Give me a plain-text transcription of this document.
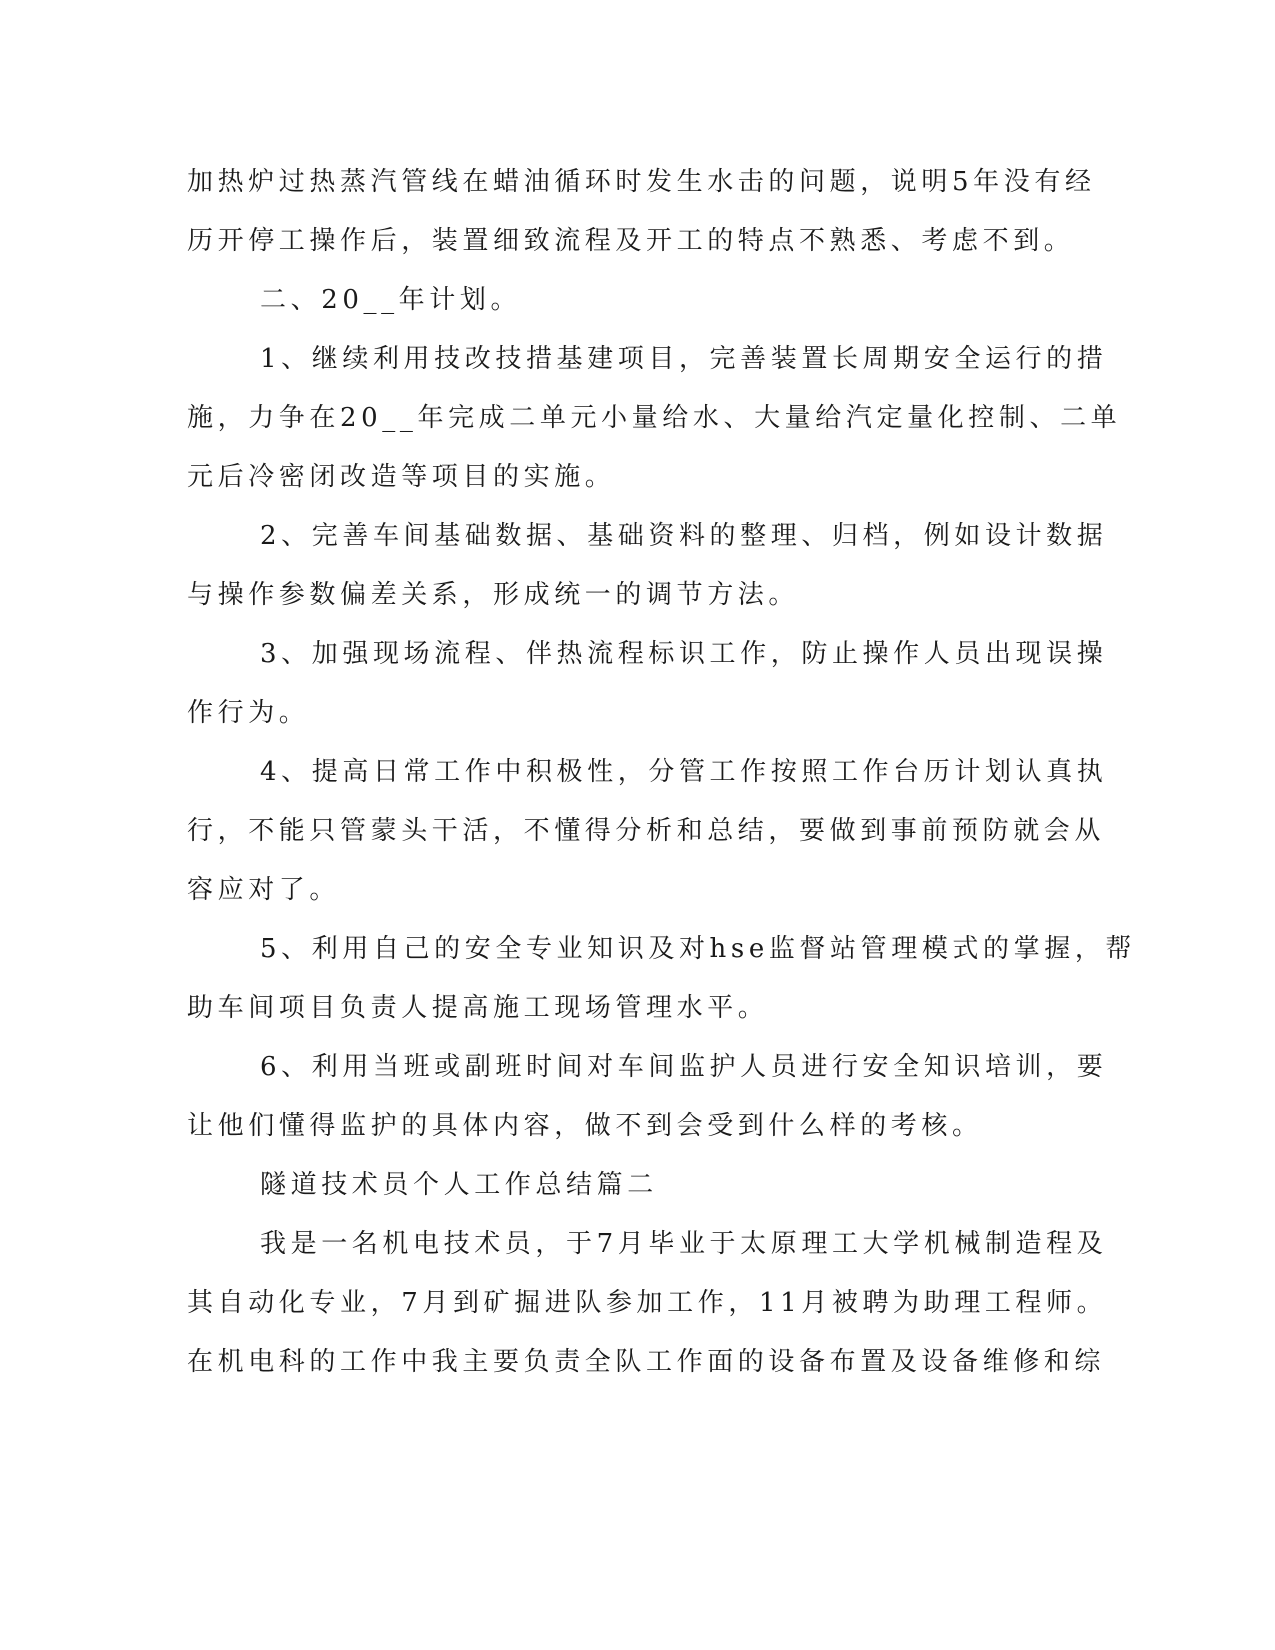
加热炉过热蒸汽管线在蜡油循环时发生水击的问题，说明5年没有经
历开停工操作后，装置细致流程及开工的特点不熟悉、考虑不到。
二、20__年计划。
1、继续利用技改技措基建项目，完善装置长周期安全运行的措
施，力争在20__年完成二单元小量给水、大量给汽定量化控制、二单
元后冷密闭改造等项目的实施。
2、完善车间基础数据、基础资料的整理、归档，例如设计数据
与操作参数偏差关系，形成统一的调节方法。
3、加强现场流程、伴热流程标识工作，防止操作人员出现误操
作行为。
4、提高日常工作中积极性，分管工作按照工作台历计划认真执
行，不能只管蒙头干活，不懂得分析和总结，要做到事前预防就会从
容应对了。
5、利用自己的安全专业知识及对hse监督站管理模式的掌握，帮
助车间项目负责人提高施工现场管理水平。
6、利用当班或副班时间对车间监护人员进行安全知识培训，要
让他们懂得监护的具体内容，做不到会受到什么样的考核。
隧道技术员个人工作总结篇二
我是一名机电技术员，于7月毕业于太原理工大学机械制造程及
其自动化专业，7月到矿掘进队参加工作，11月被聘为助理工程师。
在机电科的工作中我主要负责全队工作面的设备布置及设备维修和综
